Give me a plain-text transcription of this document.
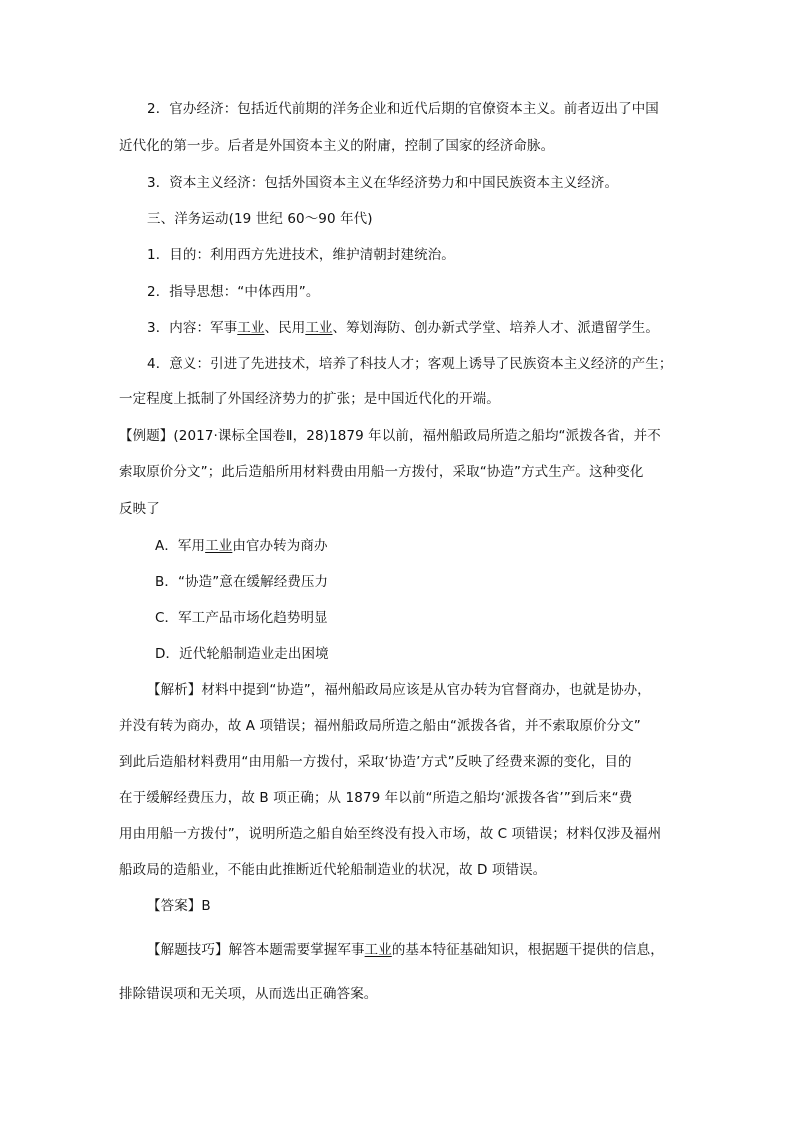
2．官办经济：包括近代前期的洋务企业和近代后期的官僚资本主义。前者迈出了中国
近代化的第一步。后者是外国资本主义的附庸，控制了国家的经济命脉。
3．资本主义经济：包括外国资本主义在华经济势力和中国民族资本主义经济。
三、洋务运动(19 世纪 60～90 年代)
1．目的：利用西方先进技术，维护清朝封建统治。
2．指导思想：“中体西用”。
3．内容：军事工业、民用工业、筹划海防、创办新式学堂、培养人才、派遣留学生。
4．意义：引进了先进技术，培养了科技人才；客观上诱导了民族资本主义经济的产生；
一定程度上抵制了外国经济势力的扩张；是中国近代化的开端。
【例题】(2017·课标全国卷Ⅱ，28)1879 年以前，福州船政局所造之船均“派拨各省，并不
索取原价分文”；此后造船所用材料费由用船一方拨付，采取“协造”方式生产。这种变化
反映了
A．军用工业由官办转为商办
B．“协造”意在缓解经费压力
C．军工产品市场化趋势明显
D．近代轮船制造业走出困境
【解析】材料中提到“协造”，福州船政局应该是从官办转为官督商办，也就是协办，
并没有转为商办，故 A 项错误；福州船政局所造之船由“派拨各省，并不索取原价分文”
到此后造船材料费用“由用船一方拨付，采取‘协造’方式”反映了经费来源的变化，目的
在于缓解经费压力，故 B 项正确；从 1879 年以前“所造之船均‘派拨各省’”到后来“费
用由用船一方拨付”，说明所造之船自始至终没有投入市场，故 C 项错误；材料仅涉及福州
船政局的造船业，不能由此推断近代轮船制造业的状况，故 D 项错误。
【答案】B
【解题技巧】解答本题需要掌握军事工业的基本特征基础知识，根据题干提供的信息，
排除错误项和无关项，从而选出正确答案。
